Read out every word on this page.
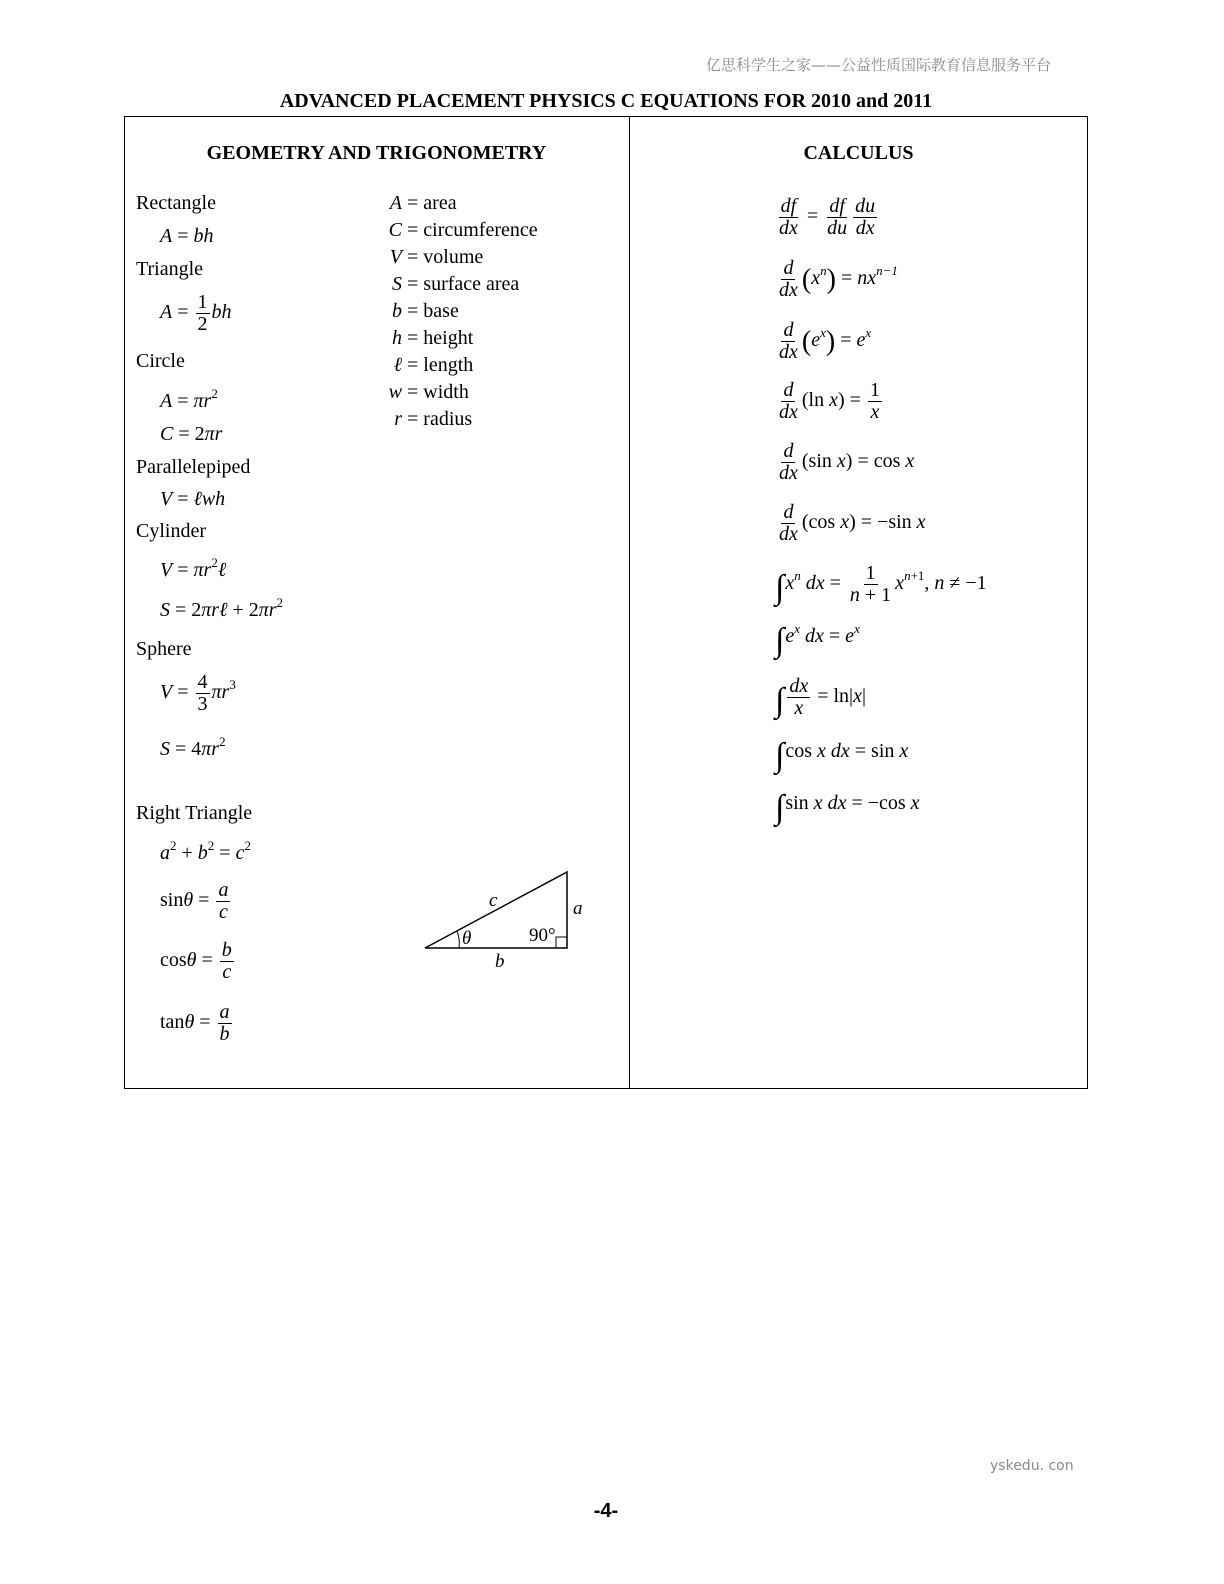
亿思科学生之家——公益性质国际教育信息服务平台
ADVANCED PLACEMENT PHYSICS C EQUATIONS FOR 2010 and 2011
GEOMETRY AND TRIGONOMETRY
Rectangle
A = bh
Triangle
$A = \frac{1}{2}$ bh
Circle
$A = \pi r^2$
C = 2πr
Parallelepiped
V = ℓwh
Cylinder
$V = \pi r^2\ell$
S = 2πrℓ + $2\pi r^2$
Sphere
$V = \frac{4}{3} \pi r^3$
$S = 4\pi r^2$
Right Triangle
$a^2 + b^2 = c^2$
$\sin\theta = \frac{a}{c}$
$\cos\theta = \frac{b}{c}$
$\tan\theta = \frac{a}{b}$
A = area
C = circumference
V = volume
S = surface area
b = base
h = height
ℓ = length
w = width
r = radius
c	a
b
θ	90°
CALCULUS
$\frac{df}{dx} = \frac{df}{du} \frac{du}{dx}$
$\frac{d}{dx} (x^n) = nx^{n-1}$
$\frac{d}{dx} (e^x) = e^x$
$\frac{d}{dx} (\ln$ $x) = \frac{1}{x}$
$\frac{d}{dx} (\sin$ x) = cos x
$\frac{d}{dx} (\cos$ x) = −sin x
$\int x^n$ dx = $\frac{1}{n + 1} x^{n+1}$, n ≠ −1
$\int e^x$ dx = $e^x$
∫ $\frac{dx}{x} = \ln|x|$
∫cos x dx = sin x
∫sin x dx = −cos x
yskedu. con
-4-
